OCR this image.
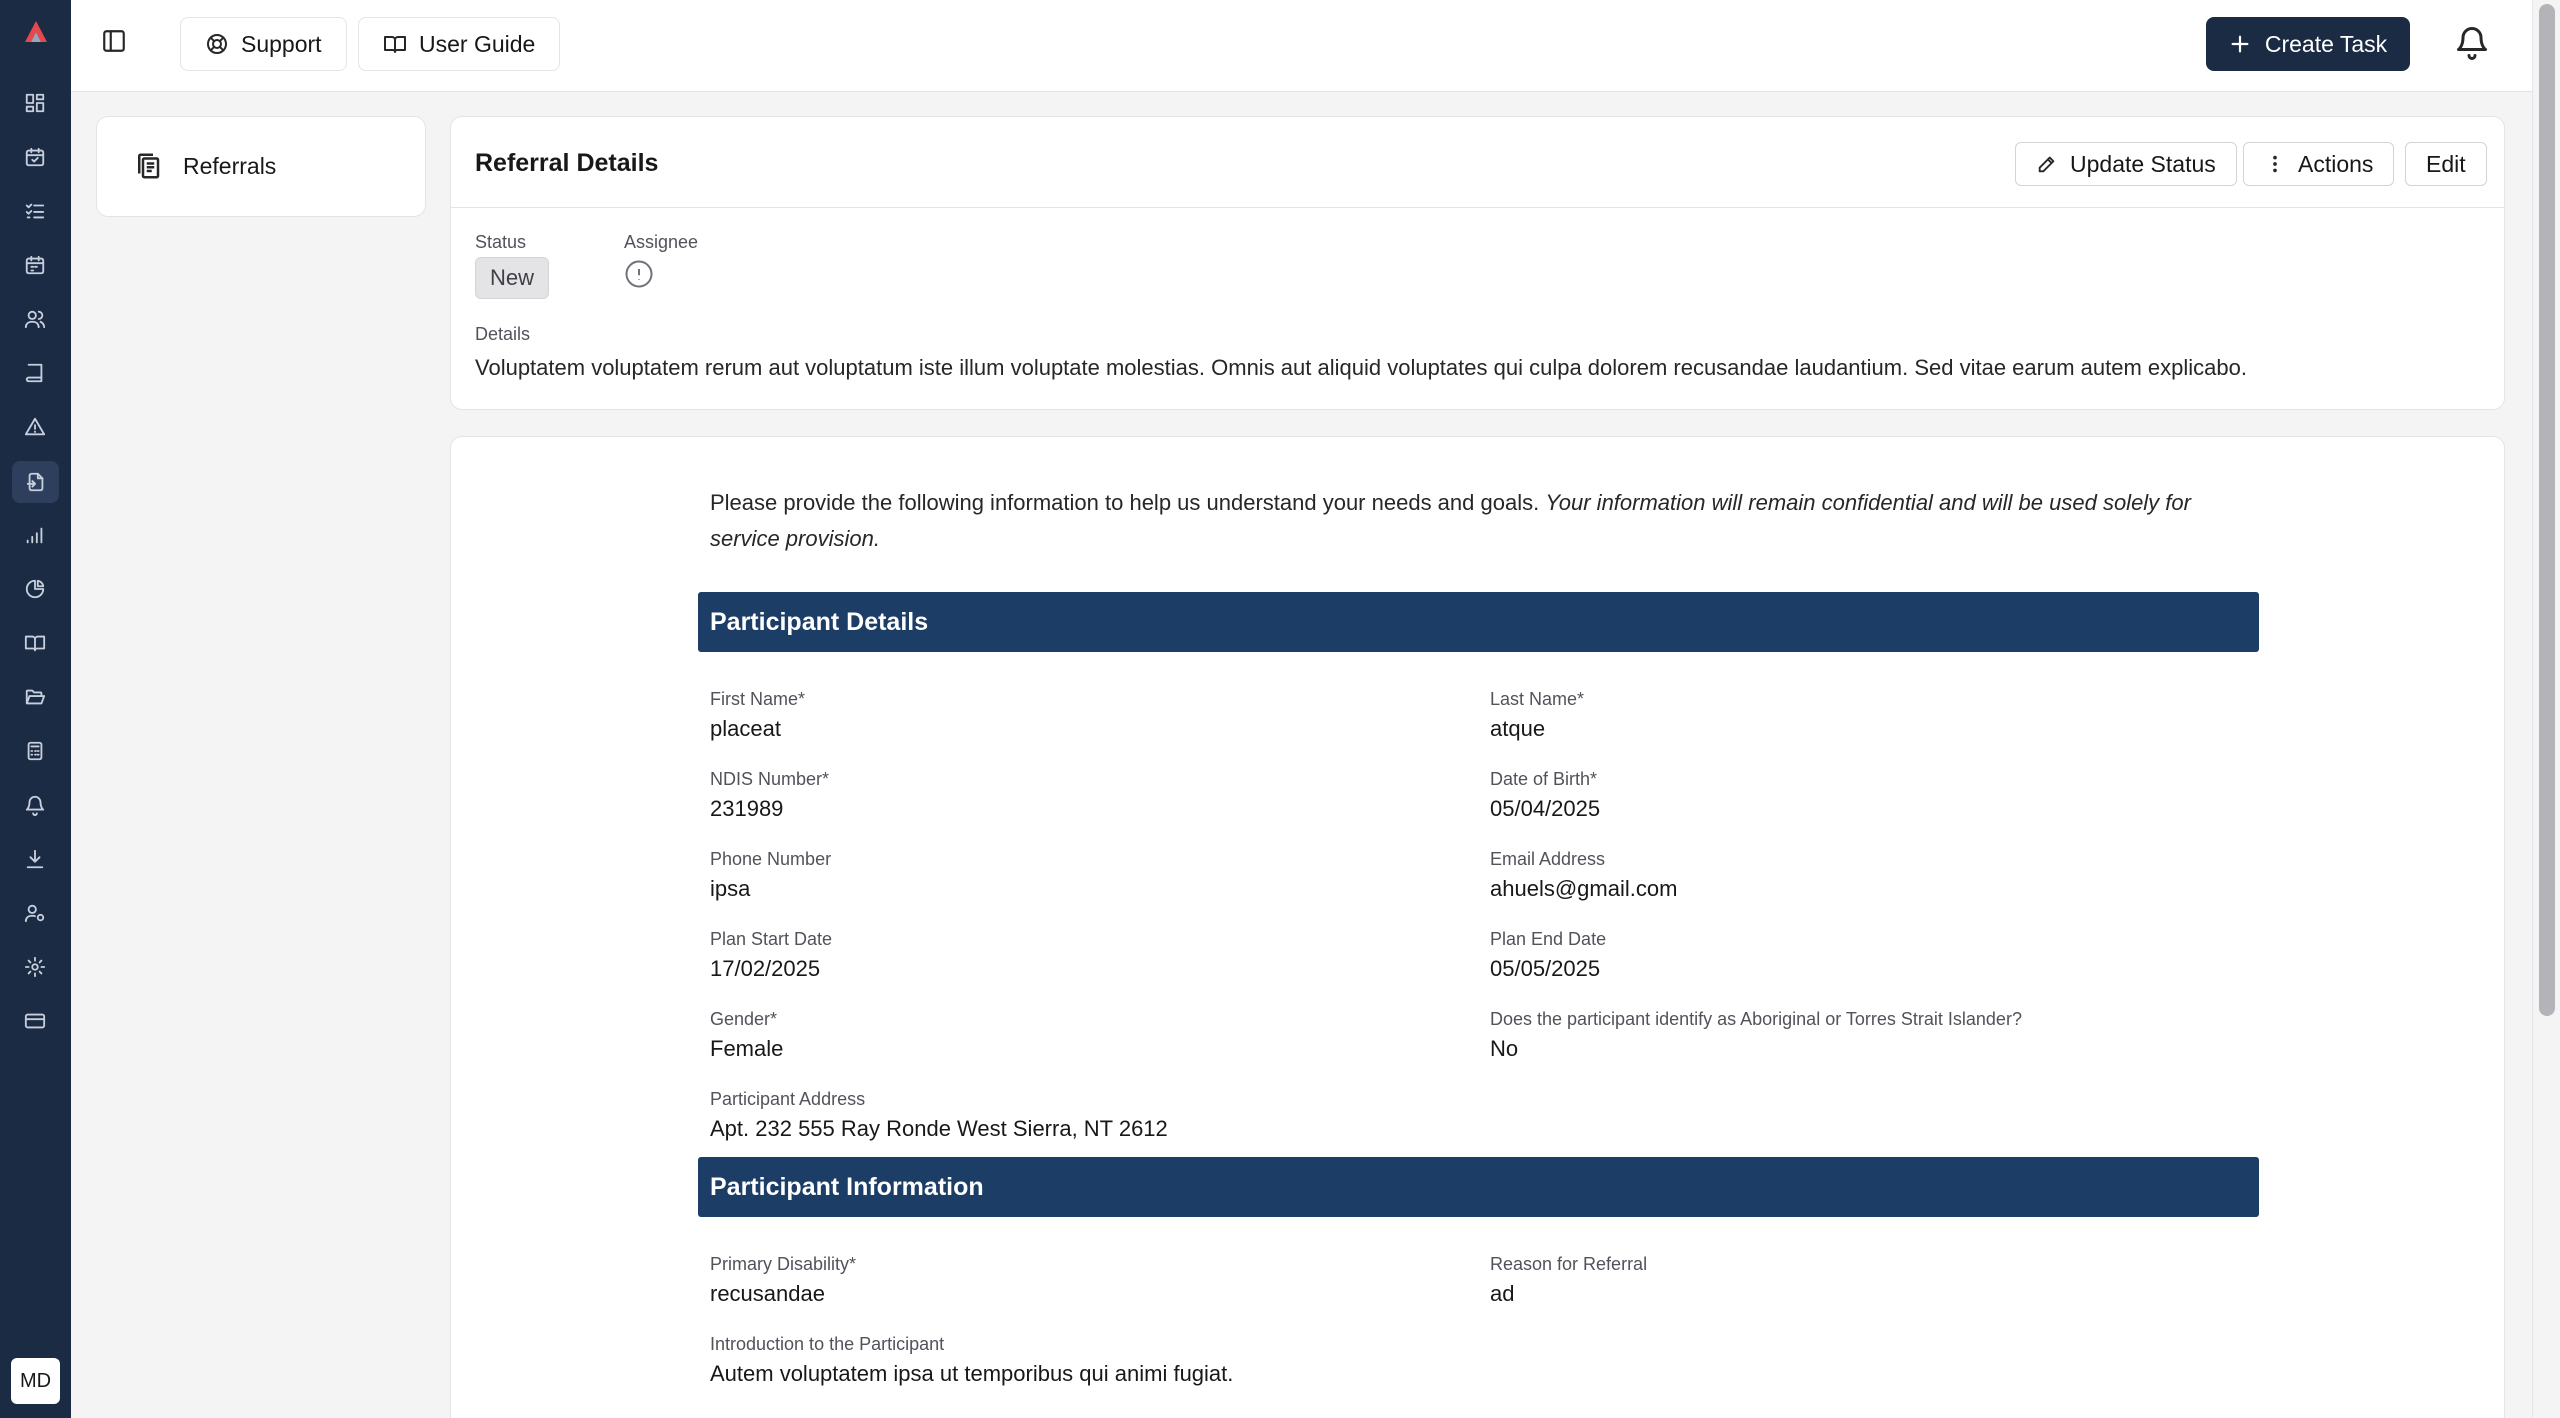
MD
Support	User Guide	Create Task
Referrals	Referral Details	Update Status	Actions Edit
Status
New
Assignee
Details
Voluptatem voluptatem rerum aut voluptatum iste illum voluptate molestias. Omnis aut aliquid voluptates qui culpa dolorem recusandae laudantium. Sed vitae earum autem explicabo.

Please provide the following information to help us understand your needs and goals. Your information will remain confidential and will be used solely for service provision.

Participant Details
First Name*
placeat
Last Name*
atque
NDIS Number*
231989
Date of Birth*
05/04/2025
Phone Number
ipsa
Email Address
ahuels@gmail.com
Plan Start Date
17/02/2025
Plan End Date
05/05/2025
Gender*
Female
Does the participant identify as Aboriginal or Torres Strait Islander?
No
Participant Address
Apt. 232 555 Ray Ronde West Sierra, NT 2612
Participant Information
Primary Disability*
recusandae
Reason for Referral
ad
Introduction to the Participant
Autem voluptatem ipsa ut temporibus qui animi fugiat.
